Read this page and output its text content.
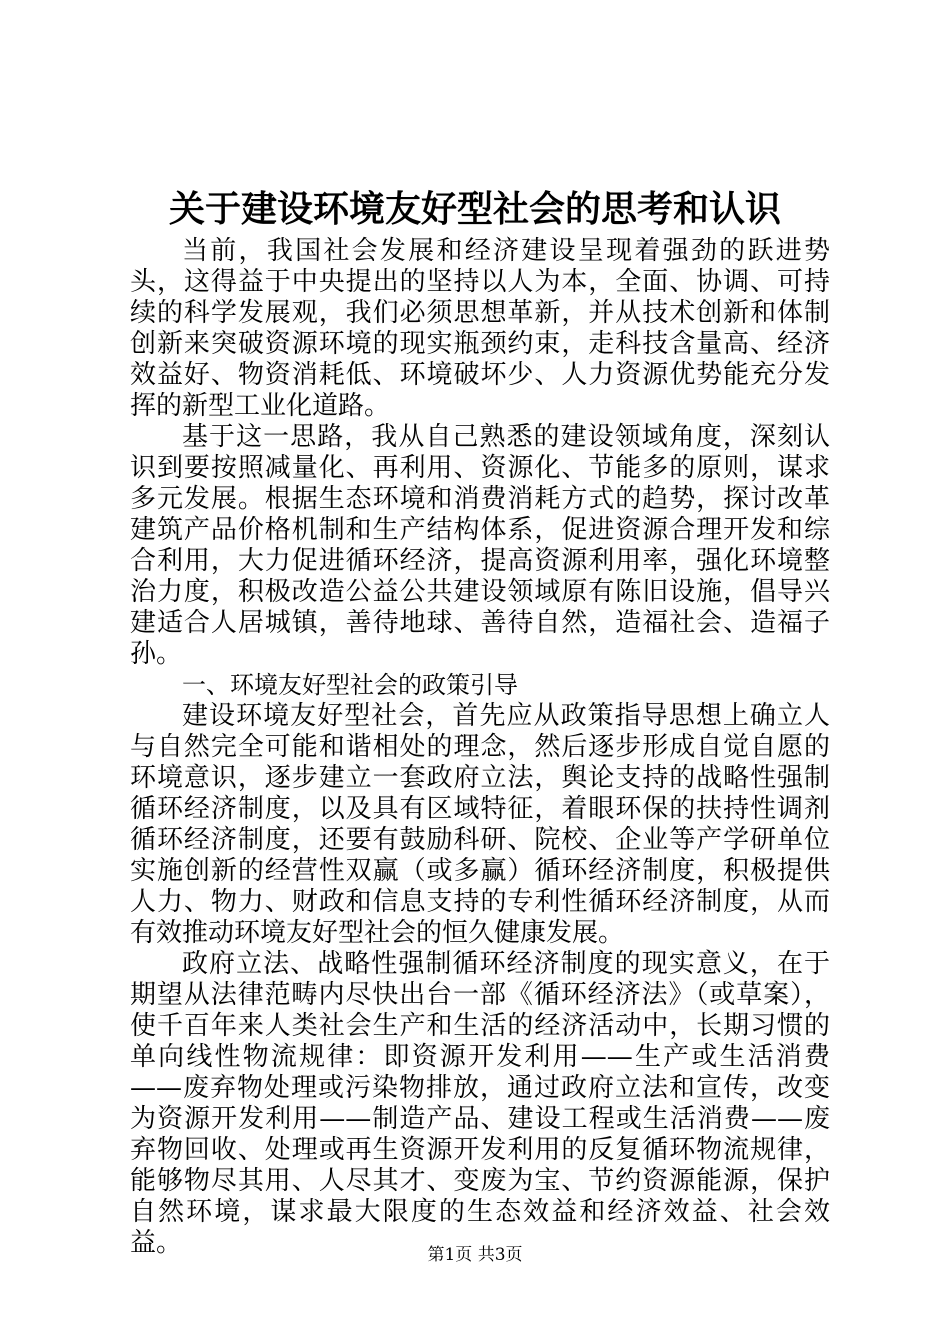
关于建设环境友好型社会的思考和认识

当前，我国社会发展和经济建设呈现着强劲的跃进势头，这得益于中央提出的坚持以人为本，全面、协调、可持续的科学发展观，我们必须思想革新，并从技术创新和体制创新来突破资源环境的现实瓶颈约束，走科技含量高、经济效益好、物资消耗低、环境破坏少、人力资源优势能充分发挥的新型工业化道路。

基于这一思路，我从自己熟悉的建设领域角度，深刻认识到要按照减量化、再利用、资源化、节能多的原则，谋求多元发展。根据生态环境和消费消耗方式的趋势，探讨改革建筑产品价格机制和生产结构体系，促进资源合理开发和综合利用，大力促进循环经济，提高资源利用率，强化环境整治力度，积极改造公益公共建设领域原有陈旧设施，倡导兴建适合人居城镇，善待地球、善待自然，造福社会、造福子孙。

一、环境友好型社会的政策引导

建设环境友好型社会，首先应从政策指导思想上确立人与自然完全可能和谐相处的理念，然后逐步形成自觉自愿的环境意识，逐步建立一套政府立法，舆论支持的战略性强制循环经济制度，以及具有区域特征，着眼环保的扶持性调剂循环经济制度，还要有鼓励科研、院校、企业等产学研单位实施创新的经营性双赢（或多赢）循环经济制度，积极提供人力、物力、财政和信息支持的专利性循环经济制度，从而有效推动环境友好型社会的恒久健康发展。

政府立法、战略性强制循环经济制度的现实意义，在于期望从法律范畴内尽快出台一部《循环经济法》（或草案），使千百年来人类社会生产和生活的经济活动中，长期习惯的单向线性物流规律：即资源开发利用——生产或生活消费——废弃物处理或污染物排放，通过政府立法和宣传，改变为资源开发利用——制造产品、建设工程或生活消费——废弃物回收、处理或再生资源开发利用的反复循环物流规律，能够物尽其用、人尽其才、变废为宝、节约资源能源，保护自然环境，谋求最大限度的生态效益和经济效益、社会效益。	第1页 共3页
